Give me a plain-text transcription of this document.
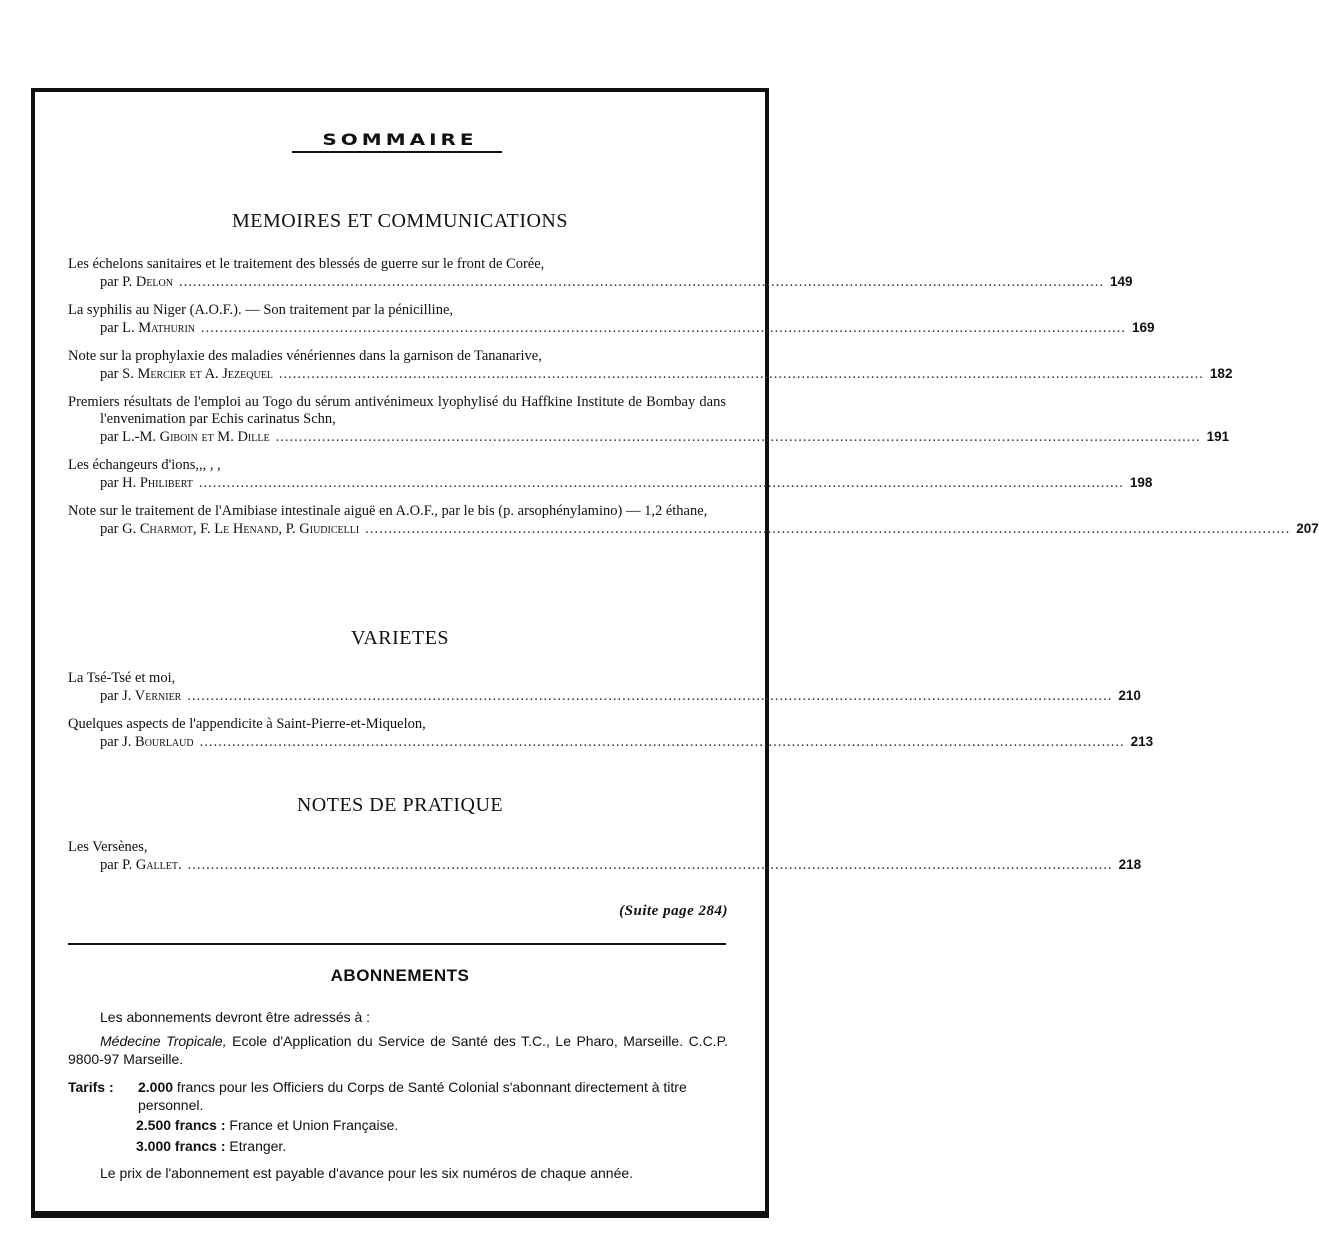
SOMMAIRE
MEMOIRES ET COMMUNICATIONS
Les échelons sanitaires et le traitement des blessés de guerre sur le front de Corée,
par P. Delon ........................................................................................................................................................................................................ 149
La syphilis au Niger (A.O.F.). — Son traitement par la pénicilline,
par L. Mathurin ........................................................................................................................................................................................................ 169
Note sur la prophylaxie des maladies vénériennes dans la garnison de Tananarive,
par S. Mercier et A. Jezequel ........................................................................................................................................................................................................ 182
Premiers résultats de l'emploi au Togo du sérum antivénimeux lyophylisé du Haffkine Institute de Bombay dans l'envenimation par Echis carinatus Schn,
par L.-M. Giboin et M. Dille ........................................................................................................................................................................................................ 191
Les échangeurs d'ions,,, , ,
par H. Philibert ........................................................................................................................................................................................................ 198
Note sur le traitement de l'Amibiase intestinale aiguë en A.O.F., par le bis (p. arsophénylamino) — 1,2 éthane,
par G. Charmot, F. Le Henand, P. Giudicelli ........................................................................................................................................................................................................ 207
VARIETES
La Tsé-Tsé et moi,
par J. Vernier ........................................................................................................................................................................................................ 210
Quelques aspects de l'appendicite à Saint-Pierre-et-Miquelon,
par J. Bourlaud ........................................................................................................................................................................................................ 213
NOTES DE PRATIQUE
Les Versènes,
par P. Gallet. ........................................................................................................................................................................................................ 218
(Suite page 284)
ABONNEMENTS

Les abonnements devront être adressés à :

Médecine Tropicale, Ecole d'Application du Service de Santé des T.C., Le Pharo, Marseille. C.C.P. 9800-97 Marseille.

Tarifs :	2.000 francs pour les Officiers du Corps de Santé Colonial s'abonnant directement à titre personnel.
2.500 francs : France et Union Française.
3.000 francs : Etranger.

Le prix de l'abonnement est payable d'avance pour les six numéros de chaque année.
